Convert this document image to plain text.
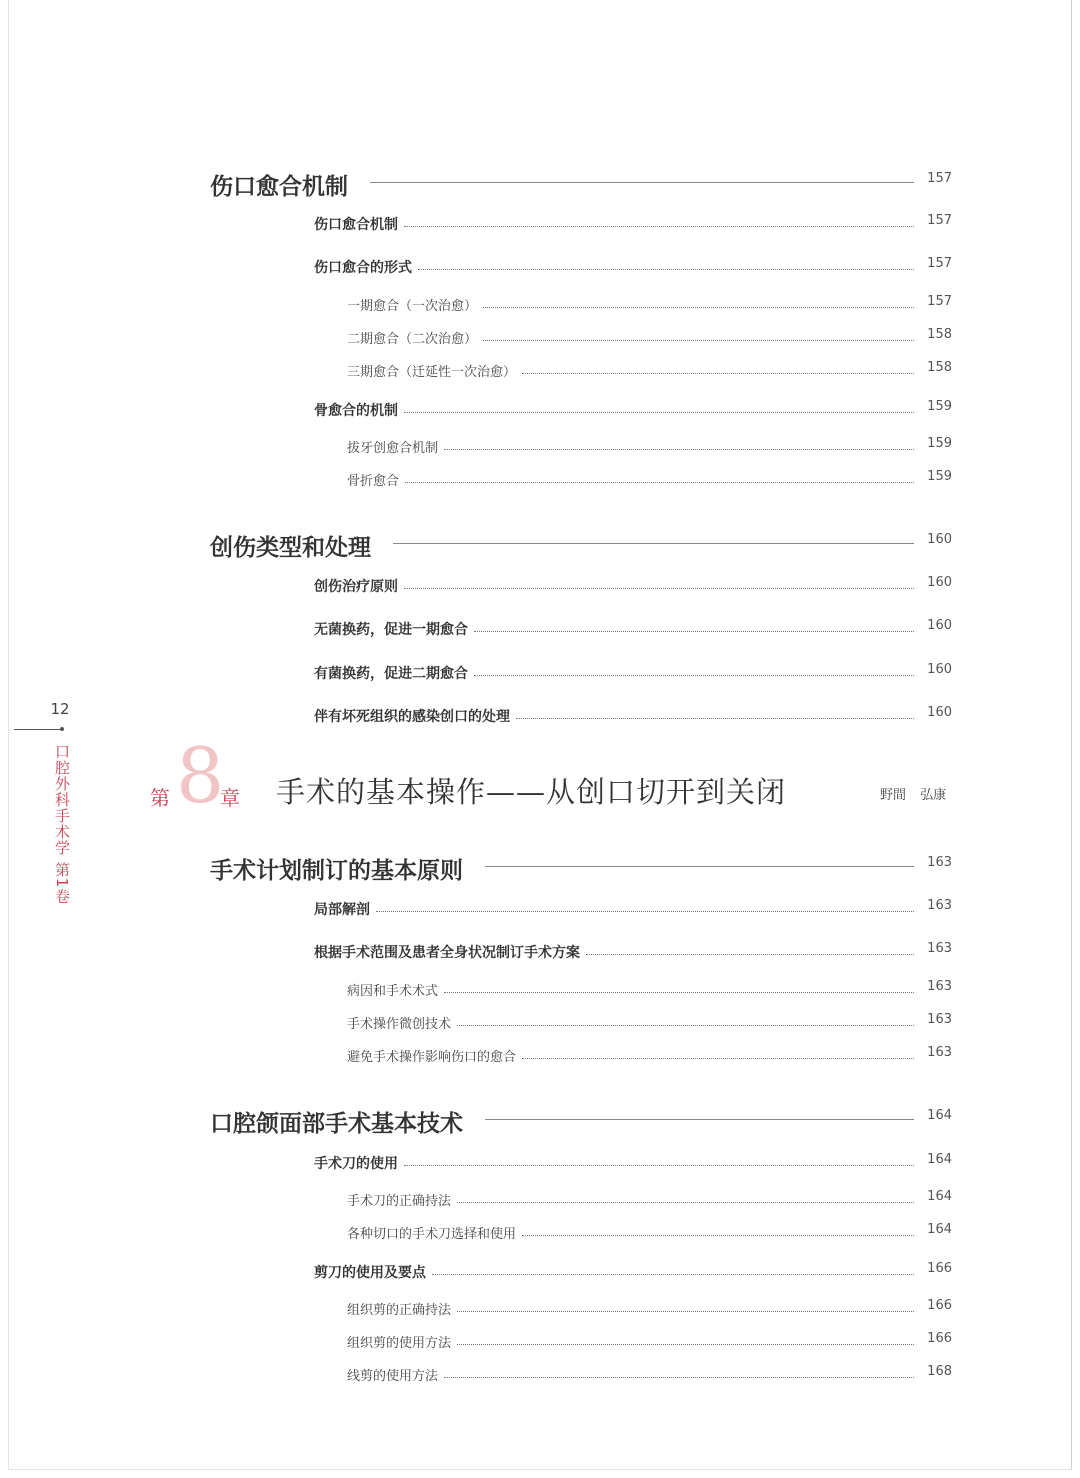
12
口腔外科手术学 第1卷	第 8
章 手术的基本操作——从创口切开到关闭	野間 弘康
伤口愈合机制	157
伤口愈合机制	157
伤口愈合的形式	157
一期愈合（一次治愈）	157
二期愈合（二次治愈）	158
三期愈合（迁延性一次治愈）	158
骨愈合的机制	159
拔牙创愈合机制	159
骨折愈合	159
创伤类型和处理	160
创伤治疗原则	160
无菌换药，促进一期愈合	160
有菌换药，促进二期愈合	160
伴有坏死组织的感染创口的处理	160
手术计划制订的基本原则	163
局部解剖	163
根据手术范围及患者全身状况制订手术方案	163
病因和手术术式	163
手术操作微创技术	163
避免手术操作影响伤口的愈合	163
口腔颌面部手术基本技术	164
手术刀的使用	164
手术刀的正确持法	164
各种切口的手术刀选择和使用	164
剪刀的使用及要点	166
组织剪的正确持法	166
组织剪的使用方法	166
线剪的使用方法	168
